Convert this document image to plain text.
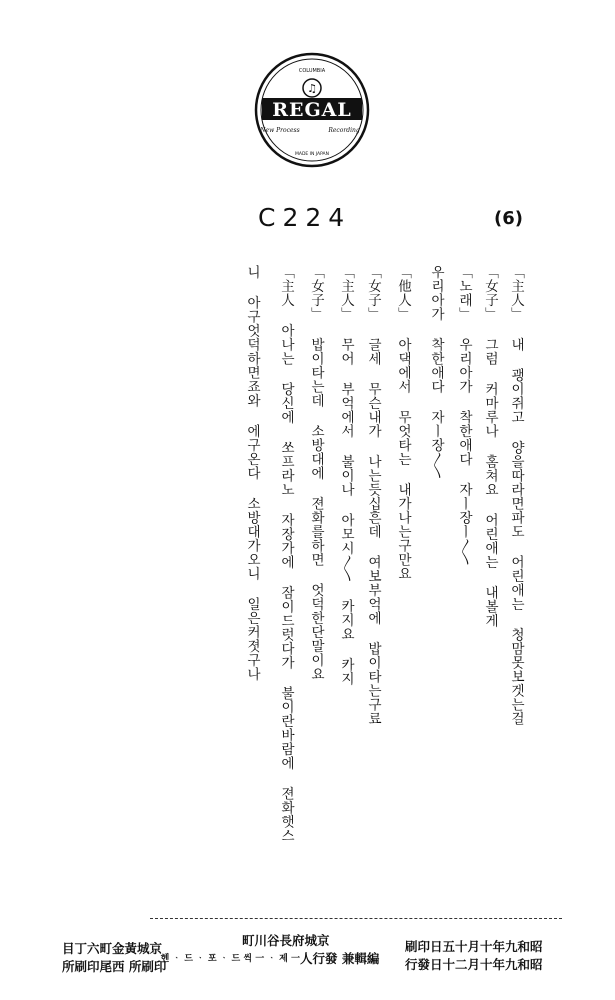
COLUMBIA
♫
REGAL
New Process	Recording
MADE IN JAPAN
C224	(6)
「主人」 내 괭이쥐고 양을따라면파도 어린애는 청맘못보겟는걸
「女子」 그럼 커마루나 홈쳐요 어린애는 내볼게
「노래」 우리아가 착한애다 자ㅣ장ㅣ〱
우리아가 착한애다 자ㅣ장〱
「他人」 아댁에서 무엇타는 내가나는구만요
「女子」 글세 무슨내가 나는듯십흔데 여보부억에 밥이타는구료
「主人」 무어 부억에서 불이나 아모시〱 카지요 카지
「女子」 밥이타는데 소방대에 젼화를하면 엇덕한단말이요
「主人 아나는 당신에 쏘프라노 자장가에 잠이드럿다가 불이란바람에 젼화햇스
니 아구엇덕하면죠와 에구온다 소방대가오니 일은커졋구나
昭和九年十月十五日印刷
昭和九年十月二十日發行
京城府長谷川町
編輯兼 發行人
一 제 ᆞ 一 씩 드 ᆞ 포 ᆞ 드 ᆞ 헨
京城黃金町六丁目
印刷所 西尾印刷所
